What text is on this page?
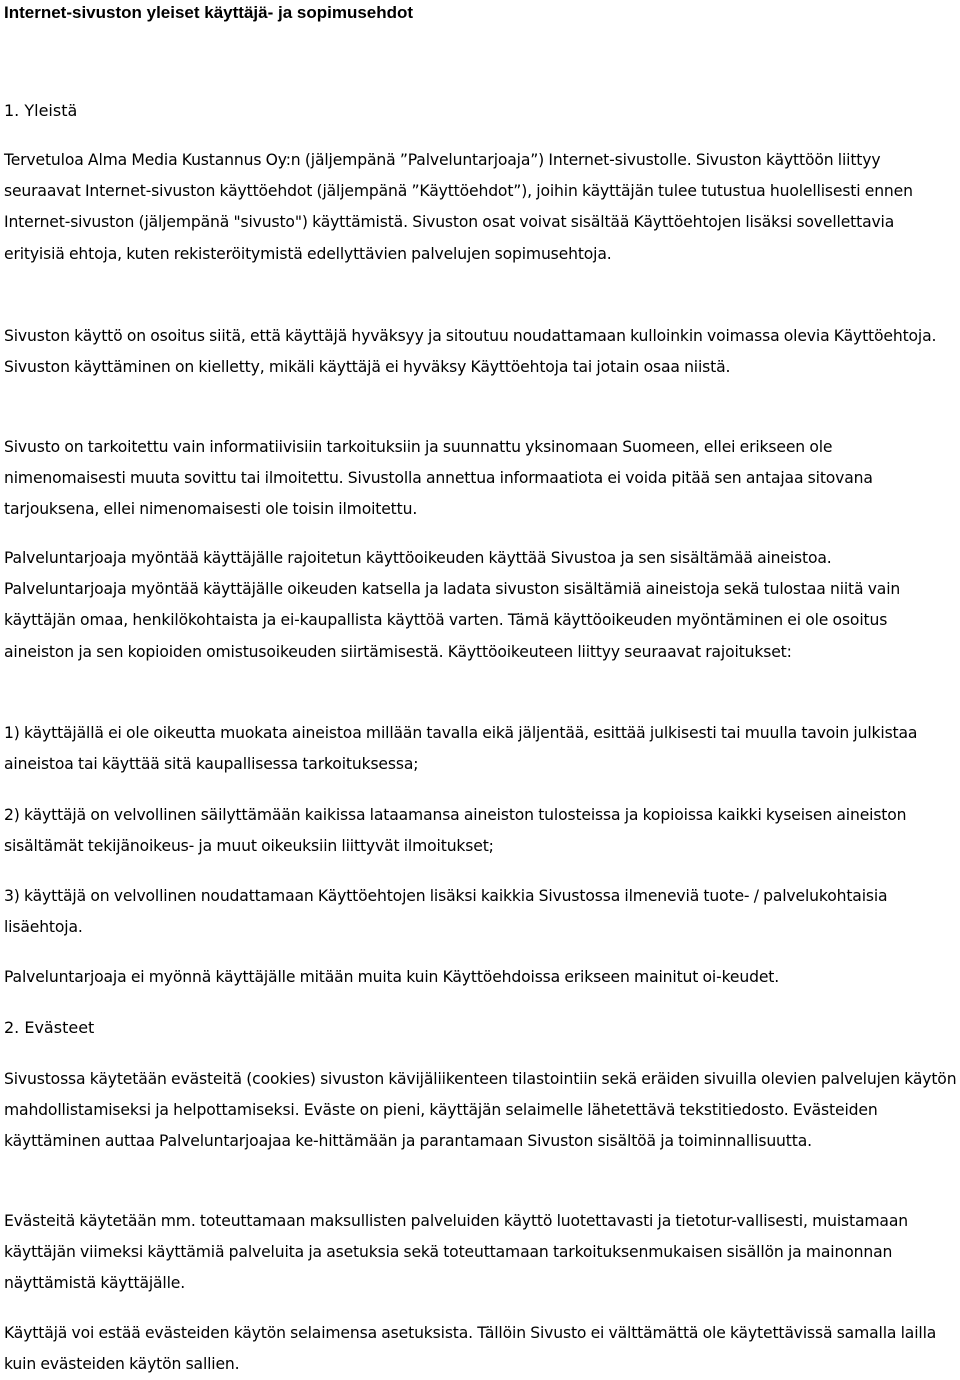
Internet-sivuston yleiset käyttäjä- ja sopimusehdot

1. Yleistä

Tervetuloa Alma Media Kustannus Oy:n (jäljempänä ”Palveluntarjoaja”) Internet-sivustolle. Sivuston käyttöön liittyy seuraavat Internet-sivuston käyttöehdot (jäljempänä ”Käyttöehdot”), joihin käyttäjän tulee tutustua huolellisesti ennen Internet-sivuston (jäljempänä "sivusto") käyttämistä. Sivuston osat voivat sisältää Käyttöehtojen lisäksi sovellettavia erityisiä ehtoja, kuten rekisteröitymistä edellyttävien palvelujen sopimusehtoja.

Sivuston käyttö on osoitus siitä, että käyttäjä hyväksyy ja sitoutuu noudattamaan kulloinkin voimassa olevia Käyttöehtoja. Sivuston käyttäminen on kielletty, mikäli käyttäjä ei hyväksy Käyttöehtoja tai jotain osaa niistä.

Sivusto on tarkoitettu vain informatiivisiin tarkoituksiin ja suunnattu yksinomaan Suomeen, ellei erikseen ole nimenomaisesti muuta sovittu tai ilmoitettu. Sivustolla annettua informaatiota ei voida pitää sen antajaa sitovana tarjouksena, ellei nimenomaisesti ole toisin ilmoitettu.

Palveluntarjoaja myöntää käyttäjälle rajoitetun käyttöoikeuden käyttää Sivustoa ja sen sisältämää aineistoa. Palveluntarjoaja myöntää käyttäjälle oikeuden katsella ja ladata sivuston sisältämiä aineistoja sekä tulostaa niitä vain käyttäjän omaa, henkilökohtaista ja ei-kaupallista käyttöä varten. Tämä käyttöoikeuden myöntäminen ei ole osoitus aineiston ja sen kopioiden omistusoikeuden siirtämisestä. Käyttöoikeuteen liittyy seuraavat rajoitukset:

1) käyttäjällä ei ole oikeutta muokata aineistoa millään tavalla eikä jäljentää, esittää julkisesti tai muulla tavoin julkistaa aineistoa tai käyttää sitä kaupallisessa tarkoituksessa;

2) käyttäjä on velvollinen säilyttämään kaikissa lataamansa aineiston tulosteissa ja kopioissa kaikki kyseisen aineiston sisältämät tekijänoikeus- ja muut oikeuksiin liittyvät ilmoitukset;

3) käyttäjä on velvollinen noudattamaan Käyttöehtojen lisäksi kaikkia Sivustossa ilmeneviä tuote- / palvelukohtaisia lisäehtoja.

Palveluntarjoaja ei myönnä käyttäjälle mitään muita kuin Käyttöehdoissa erikseen mainitut oi-keudet.

2. Evästeet

Sivustossa käytetään evästeitä (cookies) sivuston kävijäliikenteen tilastointiin sekä eräiden sivuilla olevien palvelujen käytön mahdollistamiseksi ja helpottamiseksi. Eväste on pieni, käyttäjän selaimelle lähetettävä tekstitiedosto. Evästeiden käyttäminen auttaa Palveluntarjoajaa ke-hittämään ja parantamaan Sivuston sisältöä ja toiminnallisuutta.

Evästeitä käytetään mm. toteuttamaan maksullisten palveluiden käyttö luotettavasti ja tietotur-vallisesti, muistamaan käyttäjän viimeksi käyttämiä palveluita ja asetuksia sekä toteuttamaan tarkoituksenmukaisen sisällön ja mainonnan näyttämistä käyttäjälle.

Käyttäjä voi estää evästeiden käytön selaimensa asetuksista. Tällöin Sivusto ei välttämättä ole käytettävissä samalla lailla kuin evästeiden käytön sallien.
